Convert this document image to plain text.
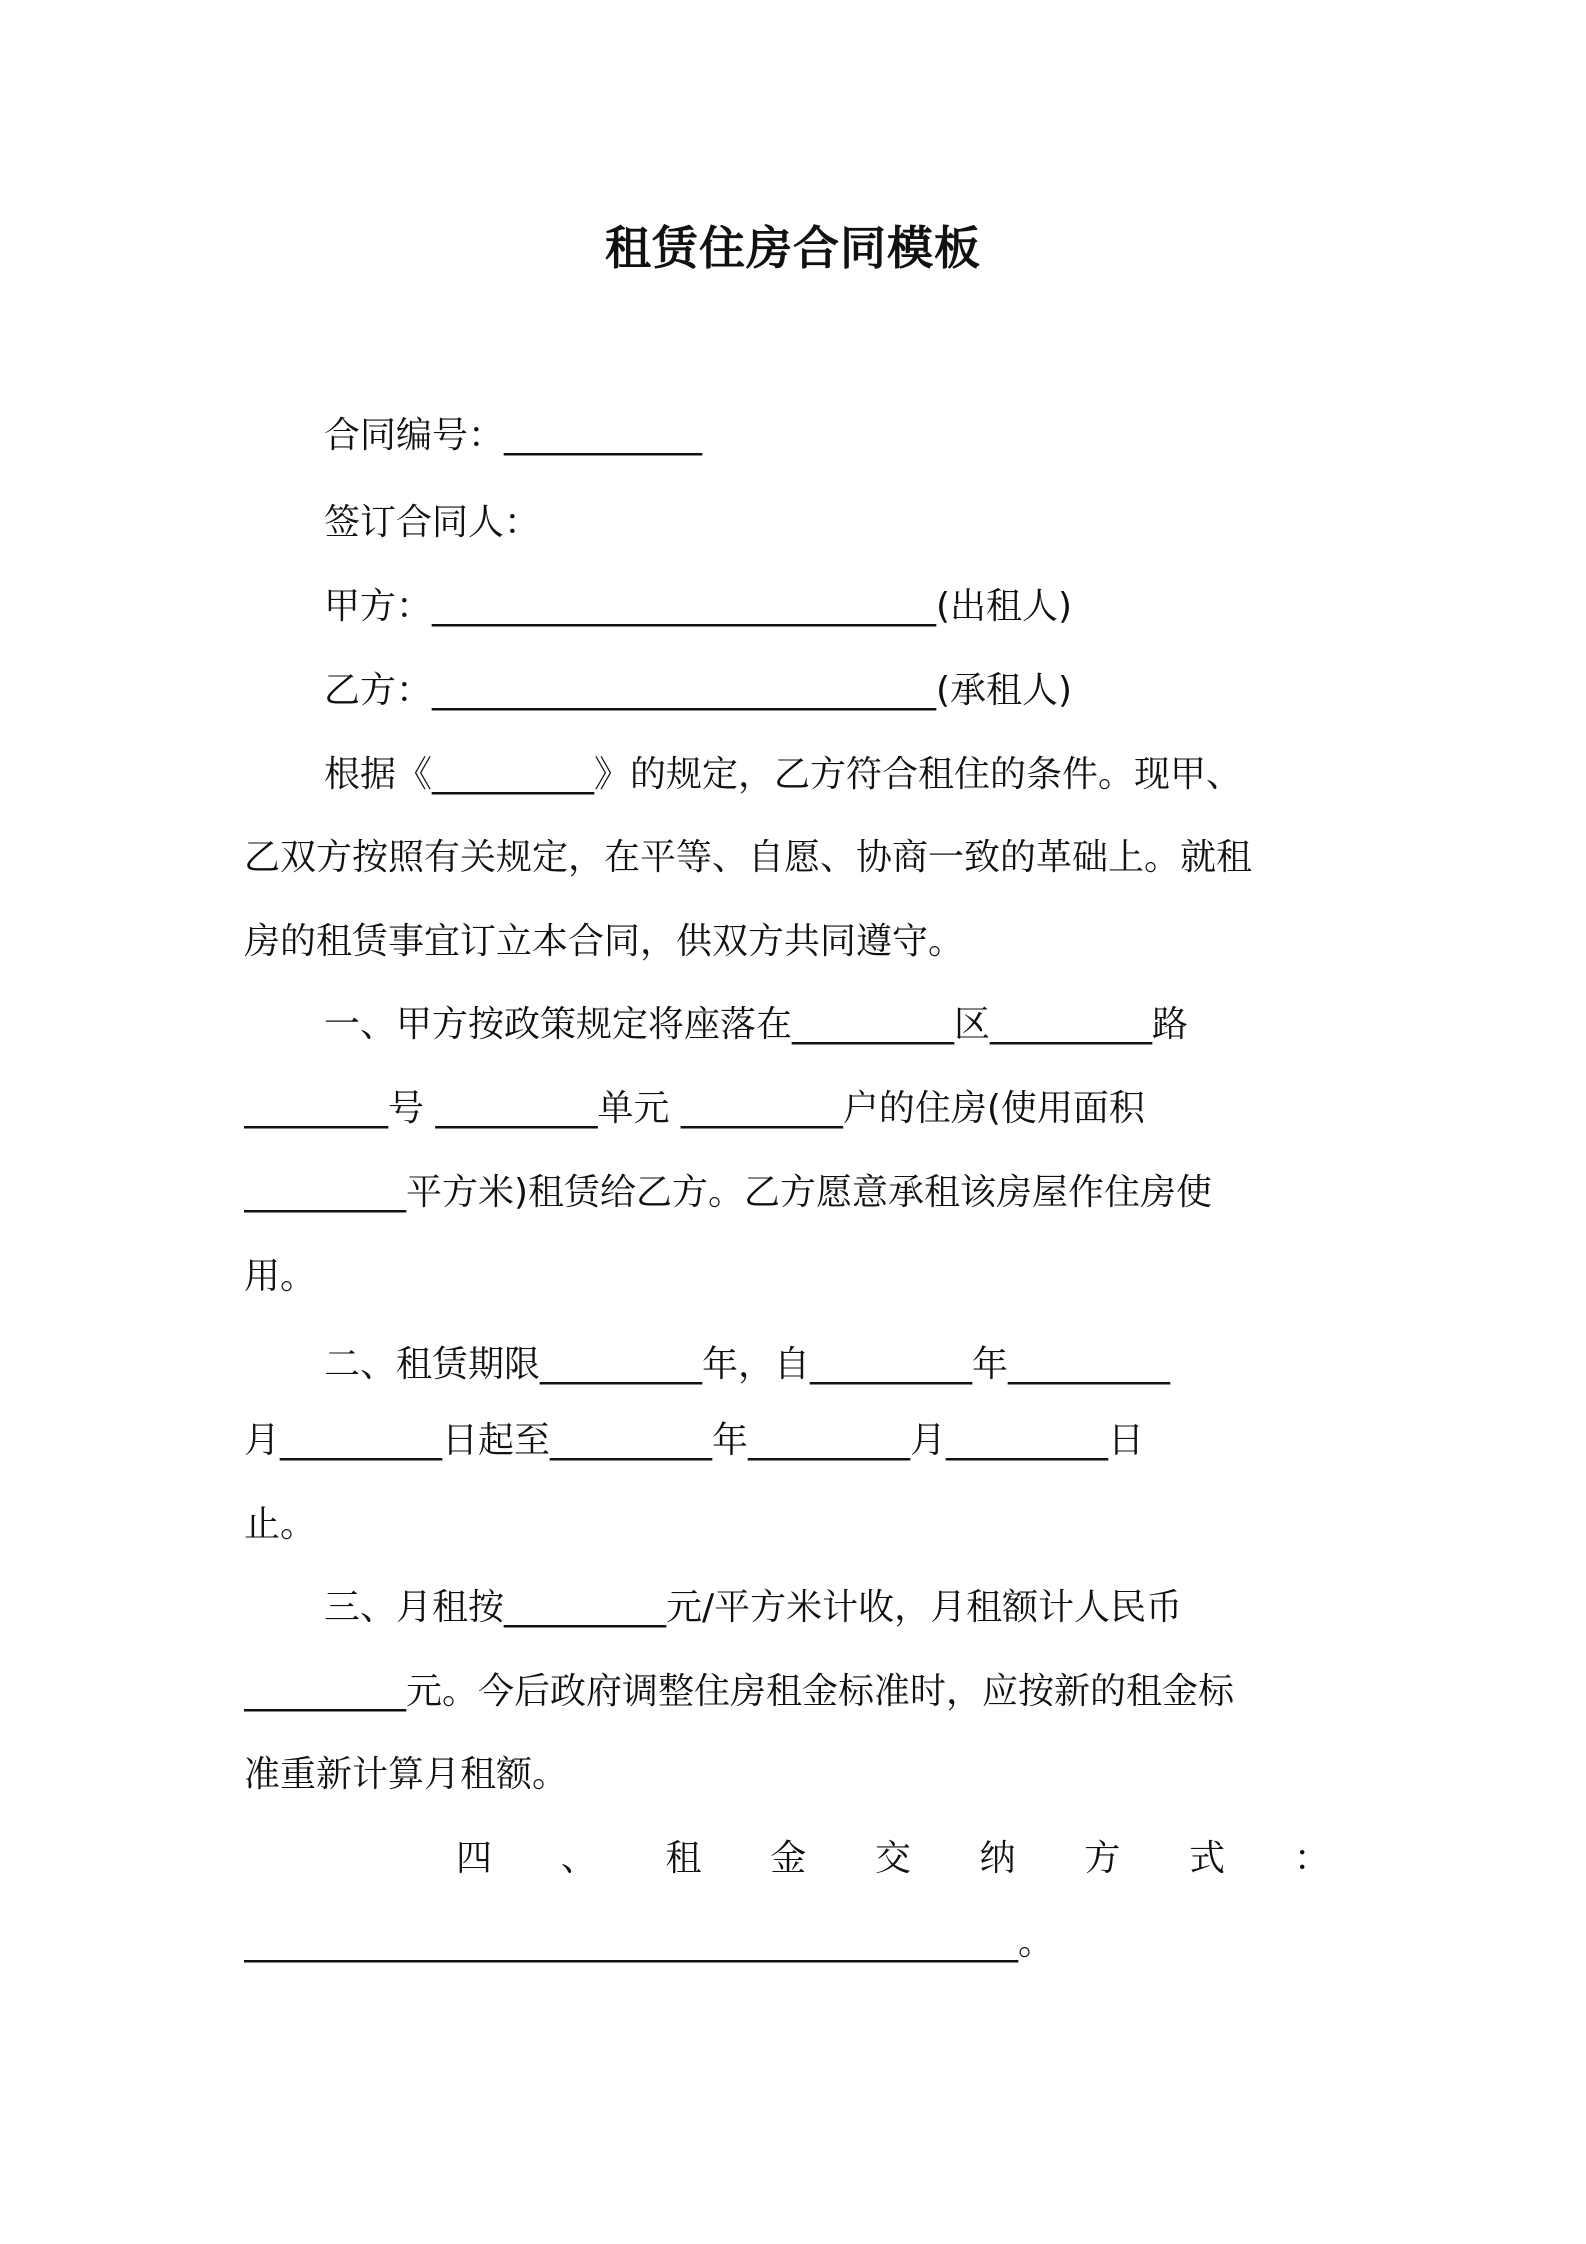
租赁住房合同模板
合同编号：___________
签订合同人：
甲方：____________________________(出租人)
乙方：____________________________(承租人)
根据《_________》的规定，乙方符合租住的条件。现甲、
乙双方按照有关规定，在平等、自愿、协商一致的革础上。就租
房的租赁事宜订立本合同，供双方共同遵守。
一、甲方按政策规定将座落在_________区_________路
________号 _________单元 _________户的住房(使用面积
_________平方米)租赁给乙方。乙方愿意承租该房屋作住房使
用。
二、租赁期限_________年，自_________年_________
月_________日起至_________年_________月_________日
止。
三、月租按_________元/平方米计收，月租额计人民币
_________元。今后政府调整住房租金标准时，应按新的租金标
准重新计算月租额。
四 、 租 金 交 纳 方 式 ：
___________________________________________。
